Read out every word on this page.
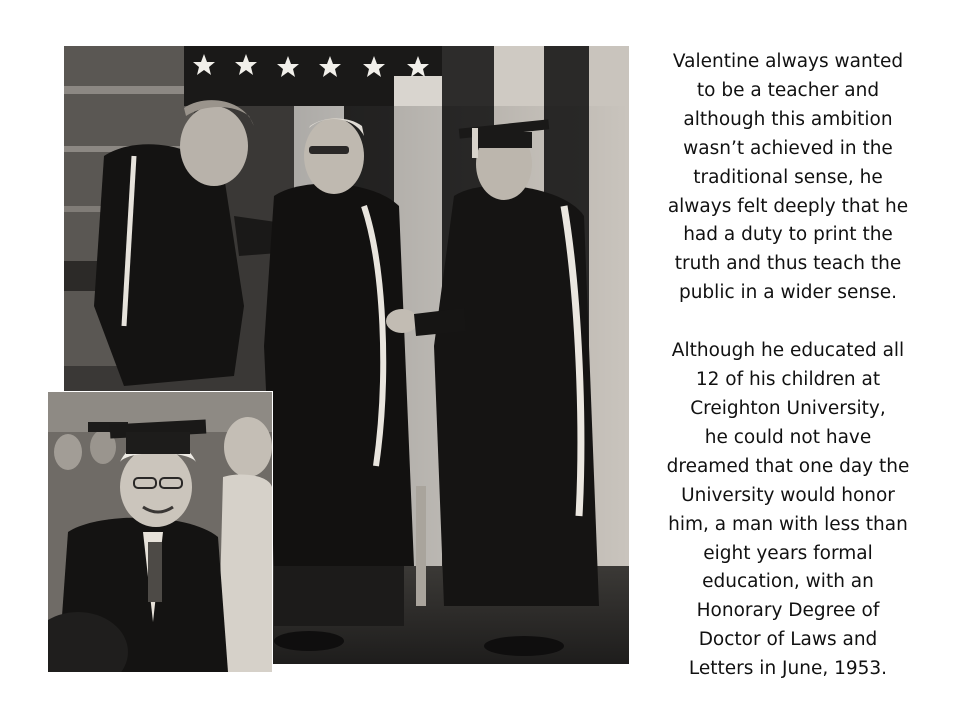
Valentine always wanted
to be a teacher and
although this ambition
wasn’t achieved in the
traditional sense, he
always felt deeply that he
had a duty to print the
truth and thus teach the
public in a wider sense.

Although he educated all
12 of his children at
Creighton University,
he could not have
dreamed that one day the
University would honor
him, a man with less than
eight years formal
education, with an
Honorary Degree of
Doctor of Laws and
Letters in June, 1953.
